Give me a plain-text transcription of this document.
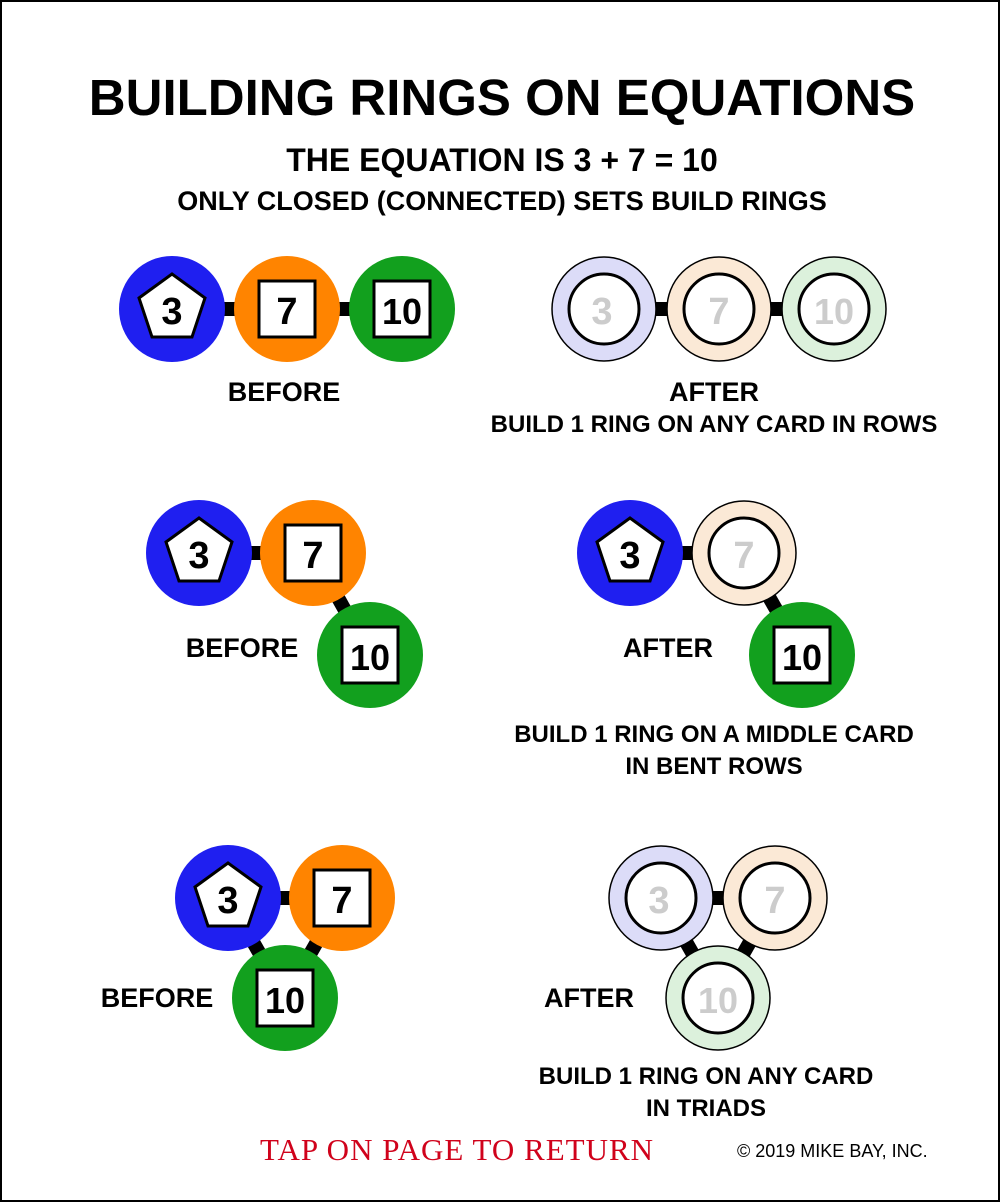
BUILDING RINGS ON EQUATIONS
THE EQUATION IS 3 + 7 = 10
ONLY CLOSED (CONNECTED) SETS BUILD RINGS
3 7 10	3	7 10
3 7
10
3 7
10
3 7
10
3 7
10
BEFORE	AFTER
BUILD 1 RING ON ANY CARD IN ROWS
BEFORE	AFTER
BUILD 1 RING ON A MIDDLE CARD
IN BENT ROWS
BEFORE	AFTER
BUILD 1 RING ON ANY CARD
IN TRIADS
TAP ON PAGE TO RETURN	© 2019 MIKE BAY, INC.
